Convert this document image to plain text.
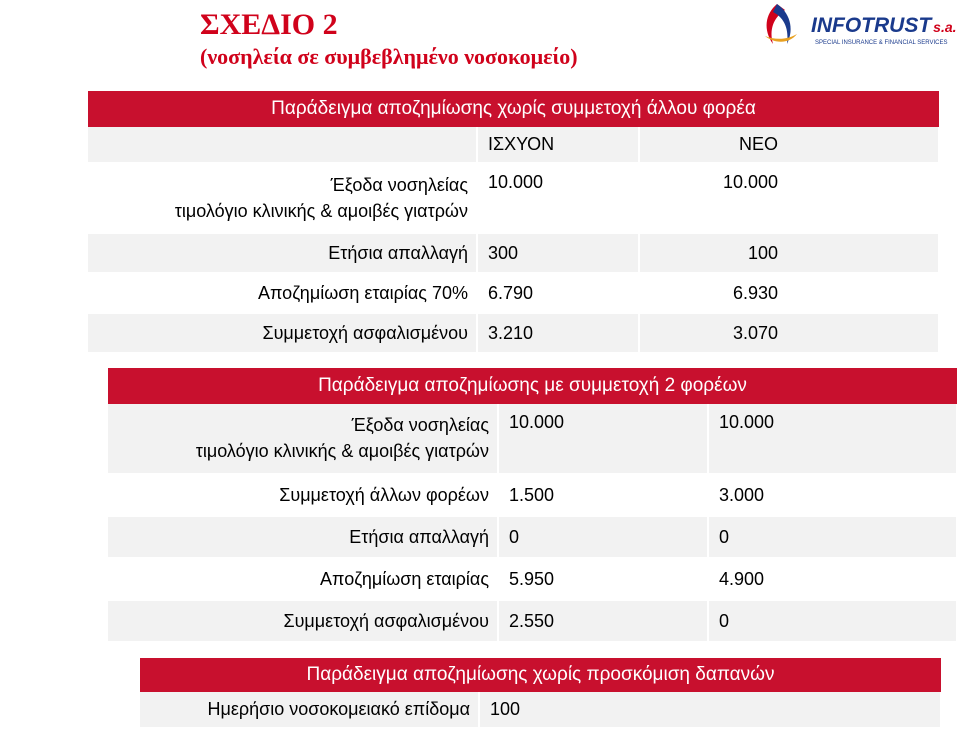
ΣΧΕΔΙΟ 2
(νοσηλεία σε συμβεβλημένο νοσοκομείο)
INFOTRUST s.a.
SPECIAL INSURANCE & FINANCIAL SERVICES
Παράδειγμα αποζημίωσης χωρίς συμμετοχή άλλου φορέα		
	ΙΣΧΥΟΝ	ΝΕΟ

Έξοδα νοσηλείας
τιμολόγιο κλινικής & αμοιβές γιατρών	10.000	10.000
Ετήσια απαλλαγή	300	100
Αποζημίωση εταιρίας 70%	6.790	6.930
Συμμετοχή ασφαλισμένου	3.210	3.070
Παράδειγμα αποζημίωσης με συμμετοχή 2 φορέων		

Έξοδα νοσηλείας
τιμολόγιο κλινικής & αμοιβές γιατρών	10.000	10.000
Συμμετοχή άλλων φορέων	1.500	3.000
Ετήσια απαλλαγή	0	0
Αποζημίωση εταιρίας	5.950	4.900
Συμμετοχή ασφαλισμένου	2.550	0
Παράδειγμα αποζημίωσης χωρίς προσκόμιση δαπανών
Ημερήσιο νοσοκομειακό επίδομα	100
